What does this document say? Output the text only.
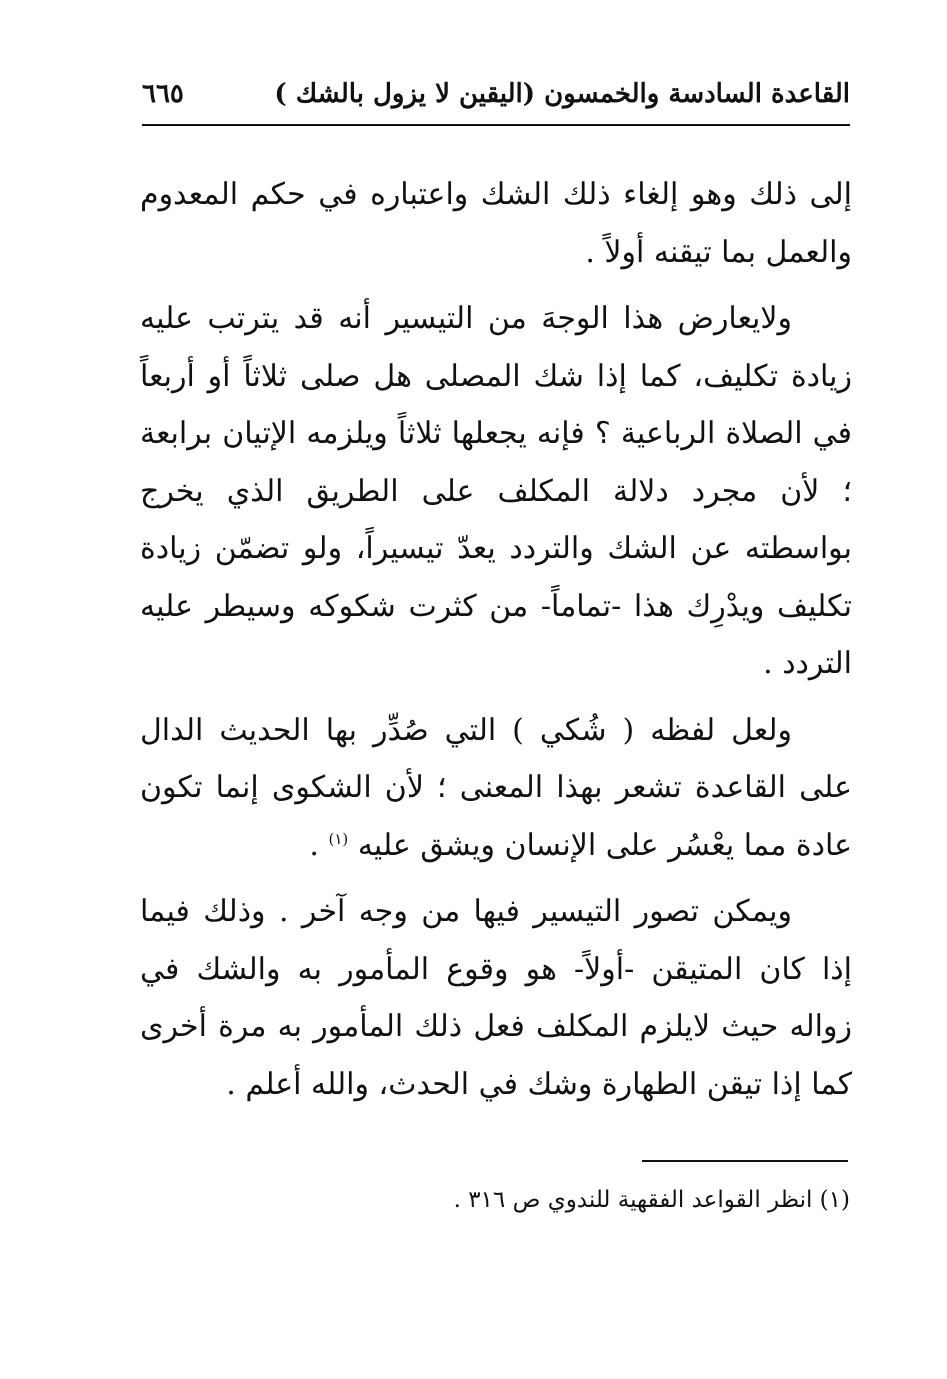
القاعدة السادسة والخمسون (اليقين لا يزول بالشك )
٦٦٥

إلى ذلك وهو إلغاء ذلك الشك واعتباره في حكم المعدوم والعمل بما تيقنه أولاً .

ولايعارض هذا الوجهَ من التيسير أنه قد يترتب عليه زيادة تكليف، كما إذا شك المصلى هل صلى ثلاثاً أو أربعاً في الصلاة الرباعية ؟ فإنه يجعلها ثلاثاً ويلزمه الإتيان برابعة ؛ لأن مجرد دلالة المكلف على الطريق الذي يخرج بواسطته عن الشك والتردد يعدّ تيسيراً، ولو تضمّن زيادة تكليف ويدْرِك هذا -تماماً- من كثرت شكوكه وسيطر عليه التردد .

ولعل لفظه ( شُكي ) التي صُدِّر بها الحديث الدال على القاعدة تشعر بهذا المعنى ؛ لأن الشكوى إنما تكون عادة مما يعْسُر على الإنسان ويشق عليه $^{(١)}$ .

ويمكن تصور التيسير فيها من وجه آخر . وذلك فيما إذا كان المتيقن -أولاً- هو وقوع المأمور به والشك في زواله حيث لايلزم المكلف فعل ذلك المأمور به مرة أخرى كما إذا تيقن الطهارة وشك في الحدث، والله أعلم .

(١) انظر القواعد الفقهية للندوي ص ٣١٦ .
